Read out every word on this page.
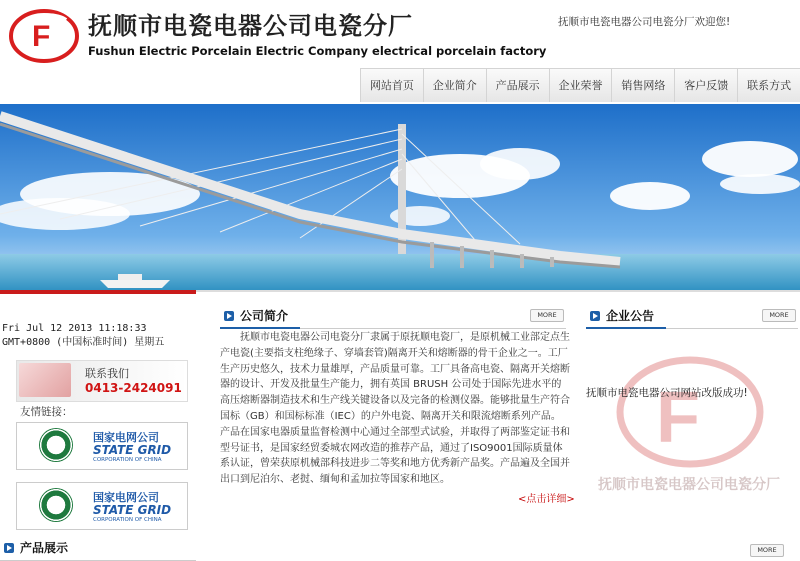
F 抚顺市电瓷电器公司电瓷分厂
Fushun Electric Porcelain Electric Company electrical porcelain factory
抚顺市电瓷电器公司电瓷分厂欢迎您!
网站首页	企业简介	产品展示	企业荣誉	销售网络	客户反馈	联系方式
Fri Jul 12 2013 11:18:33 GMT+0800 (中国标准时间) 星期五
联系我们
0413-2424091
友情链接：
国家电网公司
STATE GRID
CORPORATION OF CHINA
国家电网公司
STATE GRID
CORPORATION OF CHINA
公司简介	MORE
抚顺市电瓷电器公司电瓷分厂隶属于原抚顺电瓷厂，是原机械工业部定点生产电瓷(主要指支柱绝缘子、穿墙套管)隔离开关和熔断器的骨干企业之一。工厂生产历史悠久，技术力量雄厚，产品质量可靠。工厂具备高电瓷、隔离开关熔断器的设计、开发及批量生产能力，拥有英国 BRUSH 公司处于国际先进水平的高压熔断器制造技术和生产线关键设备以及完备的检测仪器。能够批量生产符合国标（GB）和国标标准（IEC）的户外电瓷、隔离开关和限流熔断系列产品。产品在国家电器质量监督检测中心通过全部型式试验，并取得了两部鉴定证书和型号证书，是国家经贸委城农网改造的推荐产品，通过了ISO9001国际质量体系认证，曾荣获原机械部科技进步二等奖和地方优秀新产品奖。产品遍及全国并出口到尼泊尔、老挝、缅甸和孟加拉等国家和地区。
<点击详细>
企业公告	MORE
F
抚顺市电瓷电器公司网站改版成功!
抚顺市电瓷电器公司电瓷分厂
产品展示	MORE
